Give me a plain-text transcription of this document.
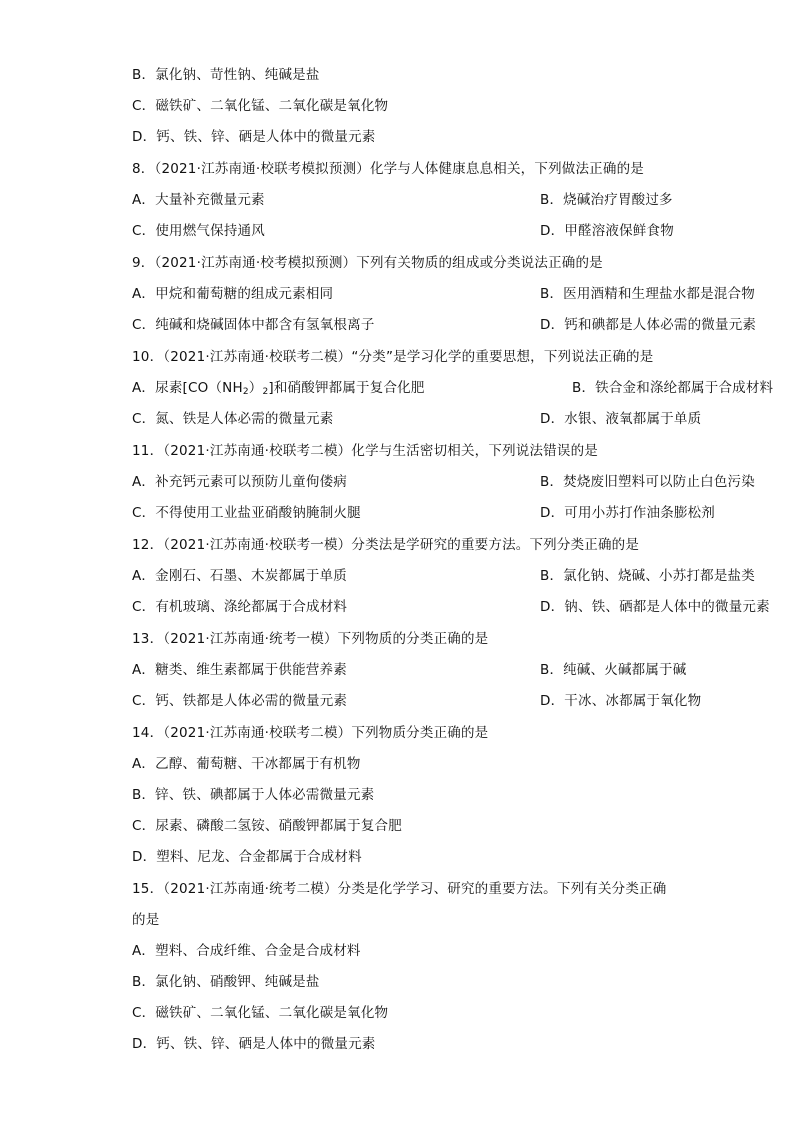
B．氯化钠、苛性钠、纯碱是盐
C．磁铁矿、二氧化锰、二氧化碳是氧化物
D．钙、铁、锌、硒是人体中的微量元素
8．（2021·江苏南通·校联考模拟预测）化学与人体健康息息相关，下列做法正确的是
A．大量补充微量元素	B．烧碱治疗胃酸过多
C．使用燃气保持通风	D．甲醛溶液保鲜食物
9．（2021·江苏南通·校考模拟预测）下列有关物质的组成或分类说法正确的是
A．甲烷和葡萄糖的组成元素相同	B．医用酒精和生理盐水都是混合物
C．纯碱和烧碱固体中都含有氢氧根离子	D．钙和碘都是人体必需的微量元素
10．（2021·江苏南通·校联考二模）“分类”是学习化学的重要思想，下列说法正确的是
A．尿素$[CO(NH_2)_2]$和硝酸钾都属于复合化肥	B．铁合金和涤纶都属于合成材料
C．氮、铁是人体必需的微量元素	D．水银、液氧都属于单质
11．（2021·江苏南通·校联考二模）化学与生活密切相关，下列说法错误的是
A．补充钙元素可以预防儿童佝偻病	B．焚烧废旧塑料可以防止白色污染
C．不得使用工业盐亚硝酸钠腌制火腿	D．可用小苏打作油条膨松剂
12．（2021·江苏南通·校联考一模）分类法是学研究的重要方法。下列分类正确的是
A．金刚石、石墨、木炭都属于单质	B．氯化钠、烧碱、小苏打都是盐类
C．有机玻璃、涤纶都属于合成材料	D．钠、铁、硒都是人体中的微量元素
13．（2021·江苏南通·统考一模）下列物质的分类正确的是
A．糖类、维生素都属于供能营养素	B．纯碱、火碱都属于碱
C．钙、铁都是人体必需的微量元素	D．干冰、冰都属于氧化物
14．（2021·江苏南通·校联考二模）下列物质分类正确的是
A．乙醇、葡萄糖、干冰都属于有机物
B．锌、铁、碘都属于人体必需微量元素
C．尿素、磷酸二氢铵、硝酸钾都属于复合肥
D．塑料、尼龙、合金都属于合成材料
15．（2021·江苏南通·统考二模）分类是化学学习、研究的重要方法。下列有关分类正确
的是
A．塑料、合成纤维、合金是合成材料
B．氯化钠、硝酸钾、纯碱是盐
C．磁铁矿、二氧化锰、二氧化碳是氧化物
D．钙、铁、锌、硒是人体中的微量元素
